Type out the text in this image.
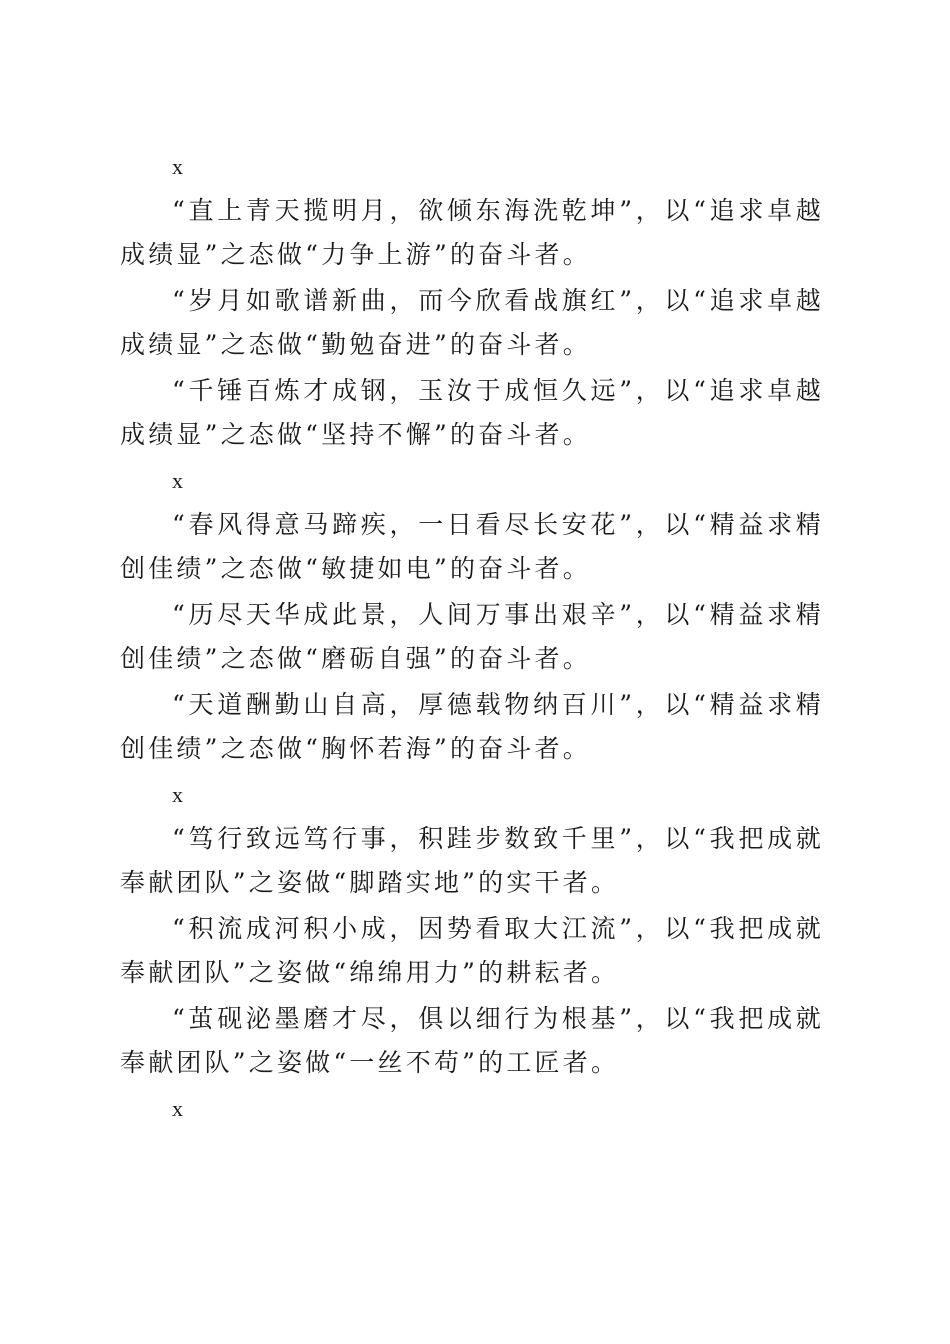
x

“直上青天揽明月，欲倾东海洗乾坤”，以“追求卓越成绩显”之态做“力争上游”的奋斗者。

“岁月如歌谱新曲，而今欣看战旗红”，以“追求卓越成绩显”之态做“勤勉奋进”的奋斗者。

“千锤百炼才成钢，玉汝于成恒久远”，以“追求卓越成绩显”之态做“坚持不懈”的奋斗者。

x

“春风得意马蹄疾，一日看尽长安花”，以“精益求精创佳绩”之态做“敏捷如电”的奋斗者。

“历尽天华成此景，人间万事出艰辛”，以“精益求精创佳绩”之态做“磨砺自强”的奋斗者。

“天道酬勤山自高，厚德载物纳百川”，以“精益求精创佳绩”之态做“胸怀若海”的奋斗者。

x

“笃行致远笃行事，积跬步数致千里”，以“我把成就奉献团队”之姿做“脚踏实地”的实干者。

“积流成河积小成，因势看取大江流”，以“我把成就奉献团队”之姿做“绵绵用力”的耕耘者。

“茧砚泌墨磨才尽，俱以细行为根基”，以“我把成就奉献团队”之姿做“一丝不苟”的工匠者。

x
